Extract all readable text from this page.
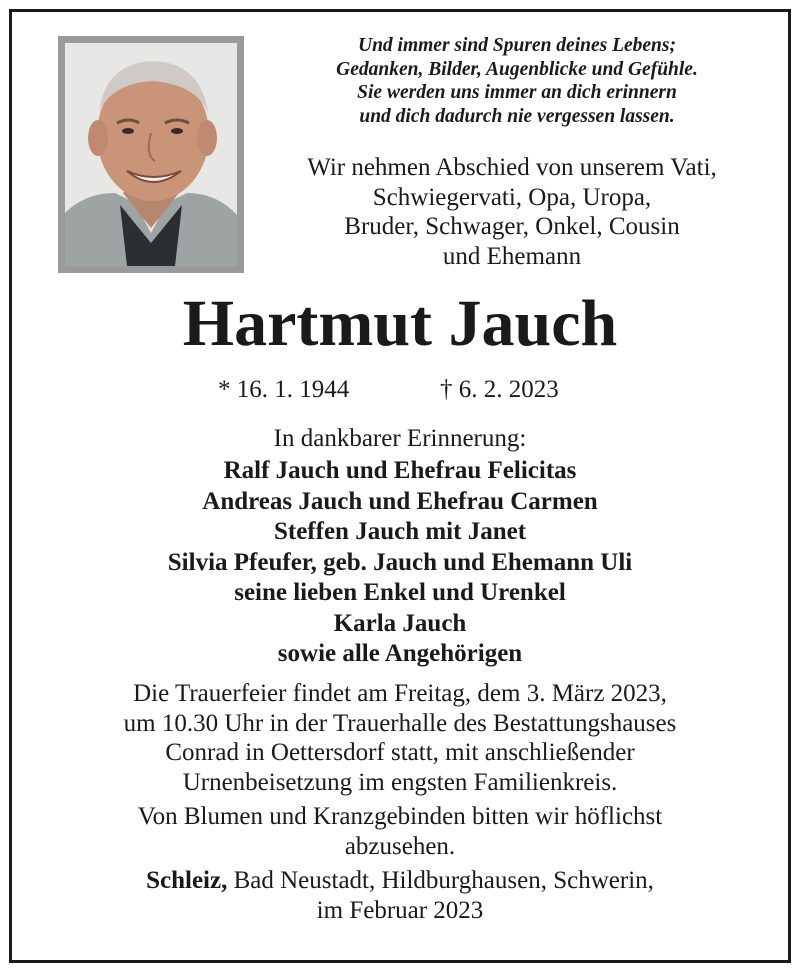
Und immer sind Spuren deines Lebens;
Gedanken, Bilder, Augenblicke und Gefühle.
Sie werden uns immer an dich erinnern
und dich dadurch nie vergessen lassen.
Wir nehmen Abschied von unserem Vati,
Schwiegervati, Opa, Uropa,
Bruder, Schwager, Onkel, Cousin
und Ehemann
Hartmut Jauch
* 16. 1. 1944	† 6. 2. 2023
In dankbarer Erinnerung:
Ralf Jauch und Ehefrau Felicitas
Andreas Jauch und Ehefrau Carmen
Steffen Jauch mit Janet
Silvia Pfeufer, geb. Jauch und Ehemann Uli
seine lieben Enkel und Urenkel
Karla Jauch
sowie alle Angehörigen
Die Trauerfeier findet am Freitag, dem 3. März 2023,
um 10.30 Uhr in der Trauerhalle des Bestattungshauses
Conrad in Oettersdorf statt, mit anschließender
Urnenbeisetzung im engsten Familienkreis.
Von Blumen und Kranzgebinden bitten wir höflichst
abzusehen.
Schleiz, Bad Neustadt, Hildburghausen, Schwerin,
im Februar 2023
